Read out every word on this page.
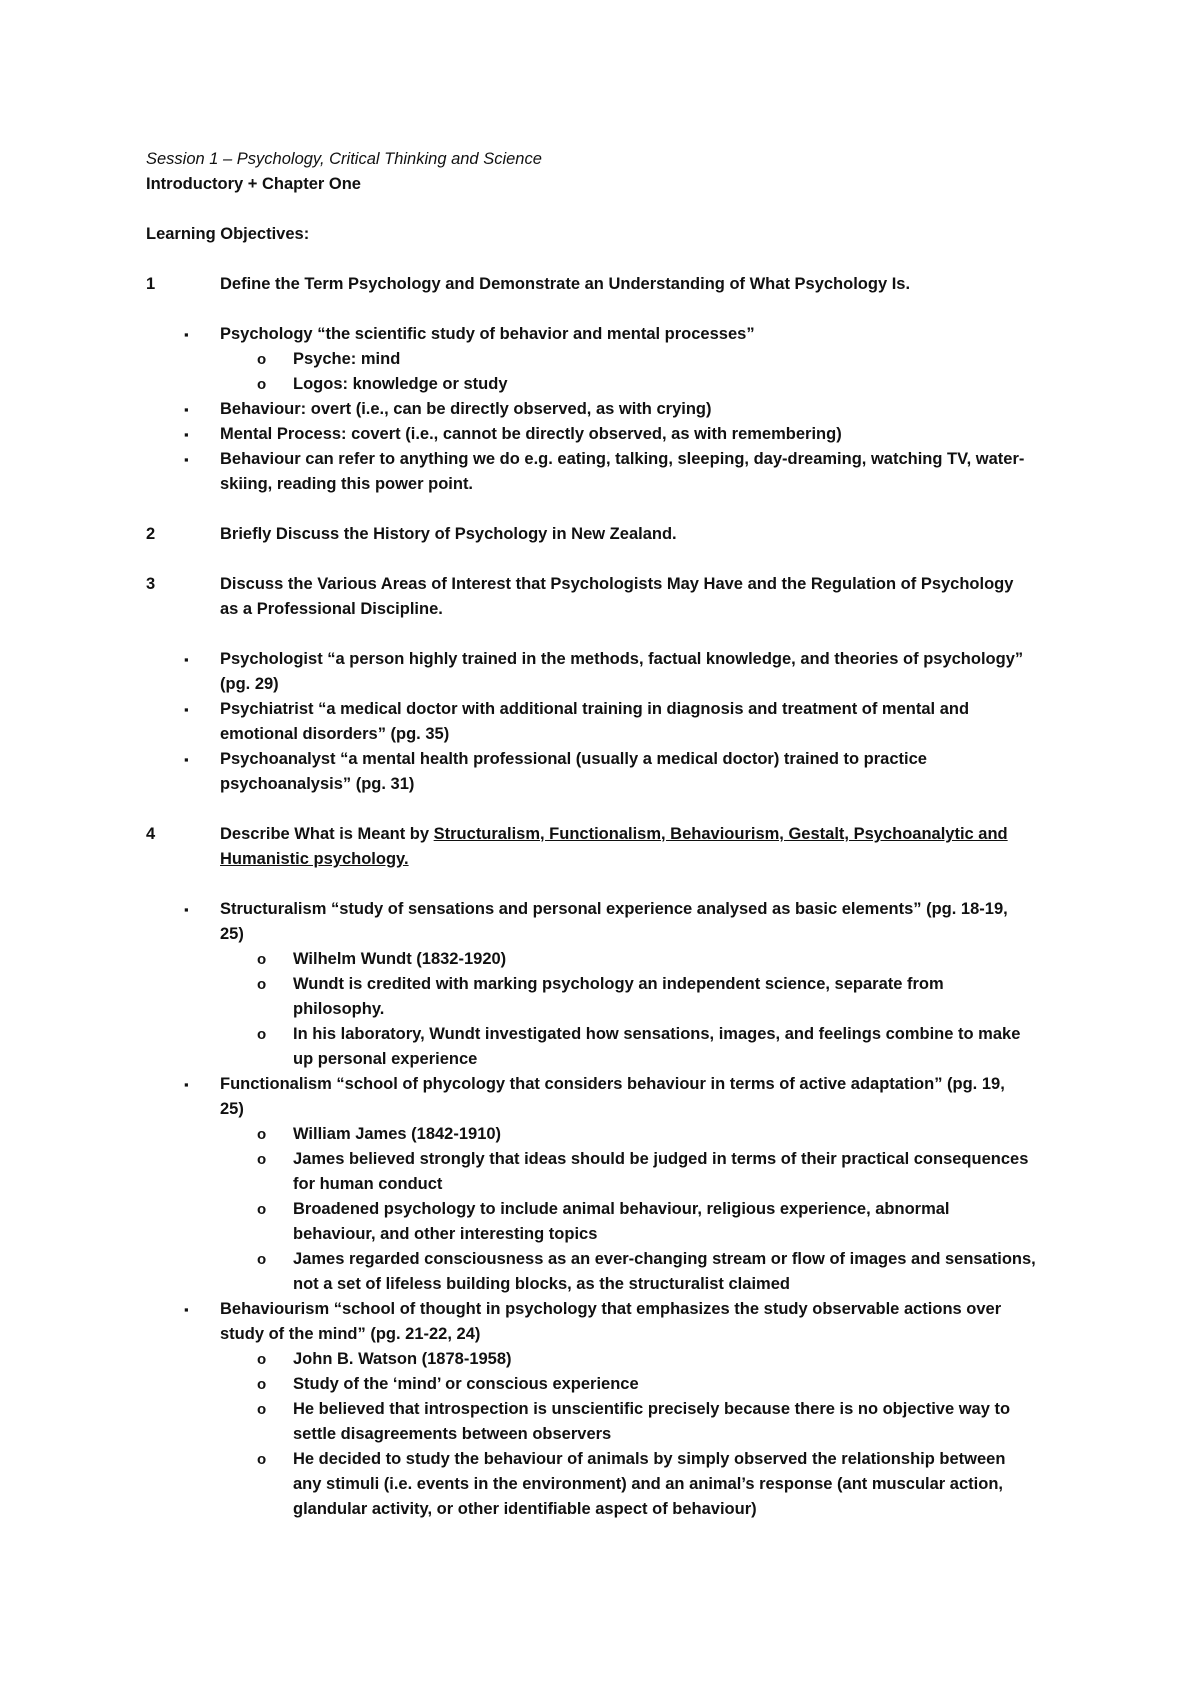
Session 1 – Psychology, Critical Thinking and Science
Introductory + Chapter One
Learning Objectives:
1	Define the Term Psychology and Demonstrate an Understanding of What Psychology Is.
▪ Psychology “the scientific study of behavior and mental processes”
o Psyche: mind
o Logos: knowledge or study
▪ Behaviour: overt (i.e., can be directly observed, as with crying)
▪ Mental Process: covert (i.e., cannot be directly observed, as with remembering)
▪ Behaviour can refer to anything we do e.g. eating, talking, sleeping, day-dreaming, watching TV, water-
skiing, reading this power point.
2	Briefly Discuss the History of Psychology in New Zealand.
3	Discuss the Various Areas of Interest that Psychologists May Have and the Regulation of Psychology
as a Professional Discipline.
▪ Psychologist “a person highly trained in the methods, factual knowledge, and theories of psychology”
(pg. 29)
▪ Psychiatrist “a medical doctor with additional training in diagnosis and treatment of mental and
emotional disorders” (pg. 35)
▪ Psychoanalyst “a mental health professional (usually a medical doctor) trained to practice
psychoanalysis” (pg. 31)
4	Describe What is Meant by Structuralism, Functionalism, Behaviourism, Gestalt, Psychoanalytic and
Humanistic psychology.
▪ Structuralism “study of sensations and personal experience analysed as basic elements” (pg. 18-19,
25)
o Wilhelm Wundt (1832-1920)
o Wundt is credited with marking psychology an independent science, separate from
philosophy.
o In his laboratory, Wundt investigated how sensations, images, and feelings combine to make
up personal experience
▪ Functionalism “school of phycology that considers behaviour in terms of active adaptation” (pg. 19,
25)
o William James (1842-1910)
o James believed strongly that ideas should be judged in terms of their practical consequences
for human conduct
o Broadened psychology to include animal behaviour, religious experience, abnormal
behaviour, and other interesting topics
o James regarded consciousness as an ever-changing stream or flow of images and sensations,
not a set of lifeless building blocks, as the structuralist claimed
▪ Behaviourism “school of thought in psychology that emphasizes the study observable actions over
study of the mind” (pg. 21-22, 24)
o John B. Watson (1878-1958)
o Study of the ‘mind’ or conscious experience
o He believed that introspection is unscientific precisely because there is no objective way to
settle disagreements between observers
o He decided to study the behaviour of animals by simply observed the relationship between
any stimuli (i.e. events in the environment) and an animal’s response (ant muscular action,
glandular activity, or other identifiable aspect of behaviour)
